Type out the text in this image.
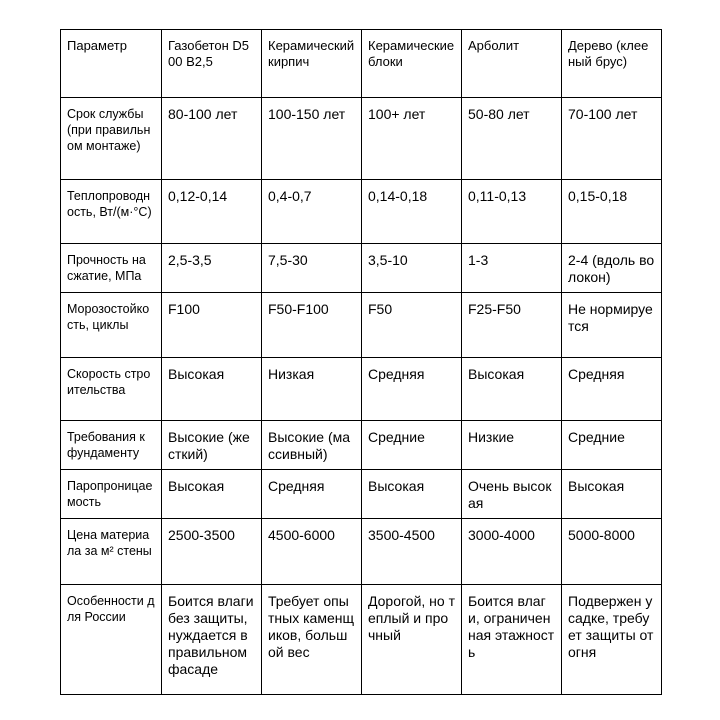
Параметр	Газобетон D500 B2,5	Керамический кирпич	Керамические блоки	Арболит	Дерево (клееный брус)
Срок службы (при правильном монтаже)	80-100 лет	100-150 лет	100+ лет	50-80 лет	70-100 лет
Теплопроводность, Вт/(м·°C)	0,12-0,14	0,4-0,7	0,14-0,18	0,11-0,13	0,15-0,18
Прочность на сжатие, МПа	2,5-3,5	7,5-30	3,5-10	1-3	2-4 (вдоль волокон)
Морозостойкость, циклы	F100	F50-F100	F50	F25-F50	Не нормируется
Скорость строительства	Высокая	Низкая	Средняя	Высокая	Средняя
Требования к фундаменту	Высокие (жесткий)	Высокие (массивный)	Средние	Низкие	Средние
Паропроницаемость	Высокая	Средняя	Высокая	Очень высокая	Высокая
Цена материала за м² стены	2500-3500	4500-6000	3500-4500	3000-4000	5000-8000
Особенности для России	Боится влаги без защиты, нуждается в правильном фасаде	Требует опытных каменщиков, большой вес	Дорогой, но теплый и прочный	Боится влаги, ограниченная этажность	Подвержен усадке, требует защиты от огня
